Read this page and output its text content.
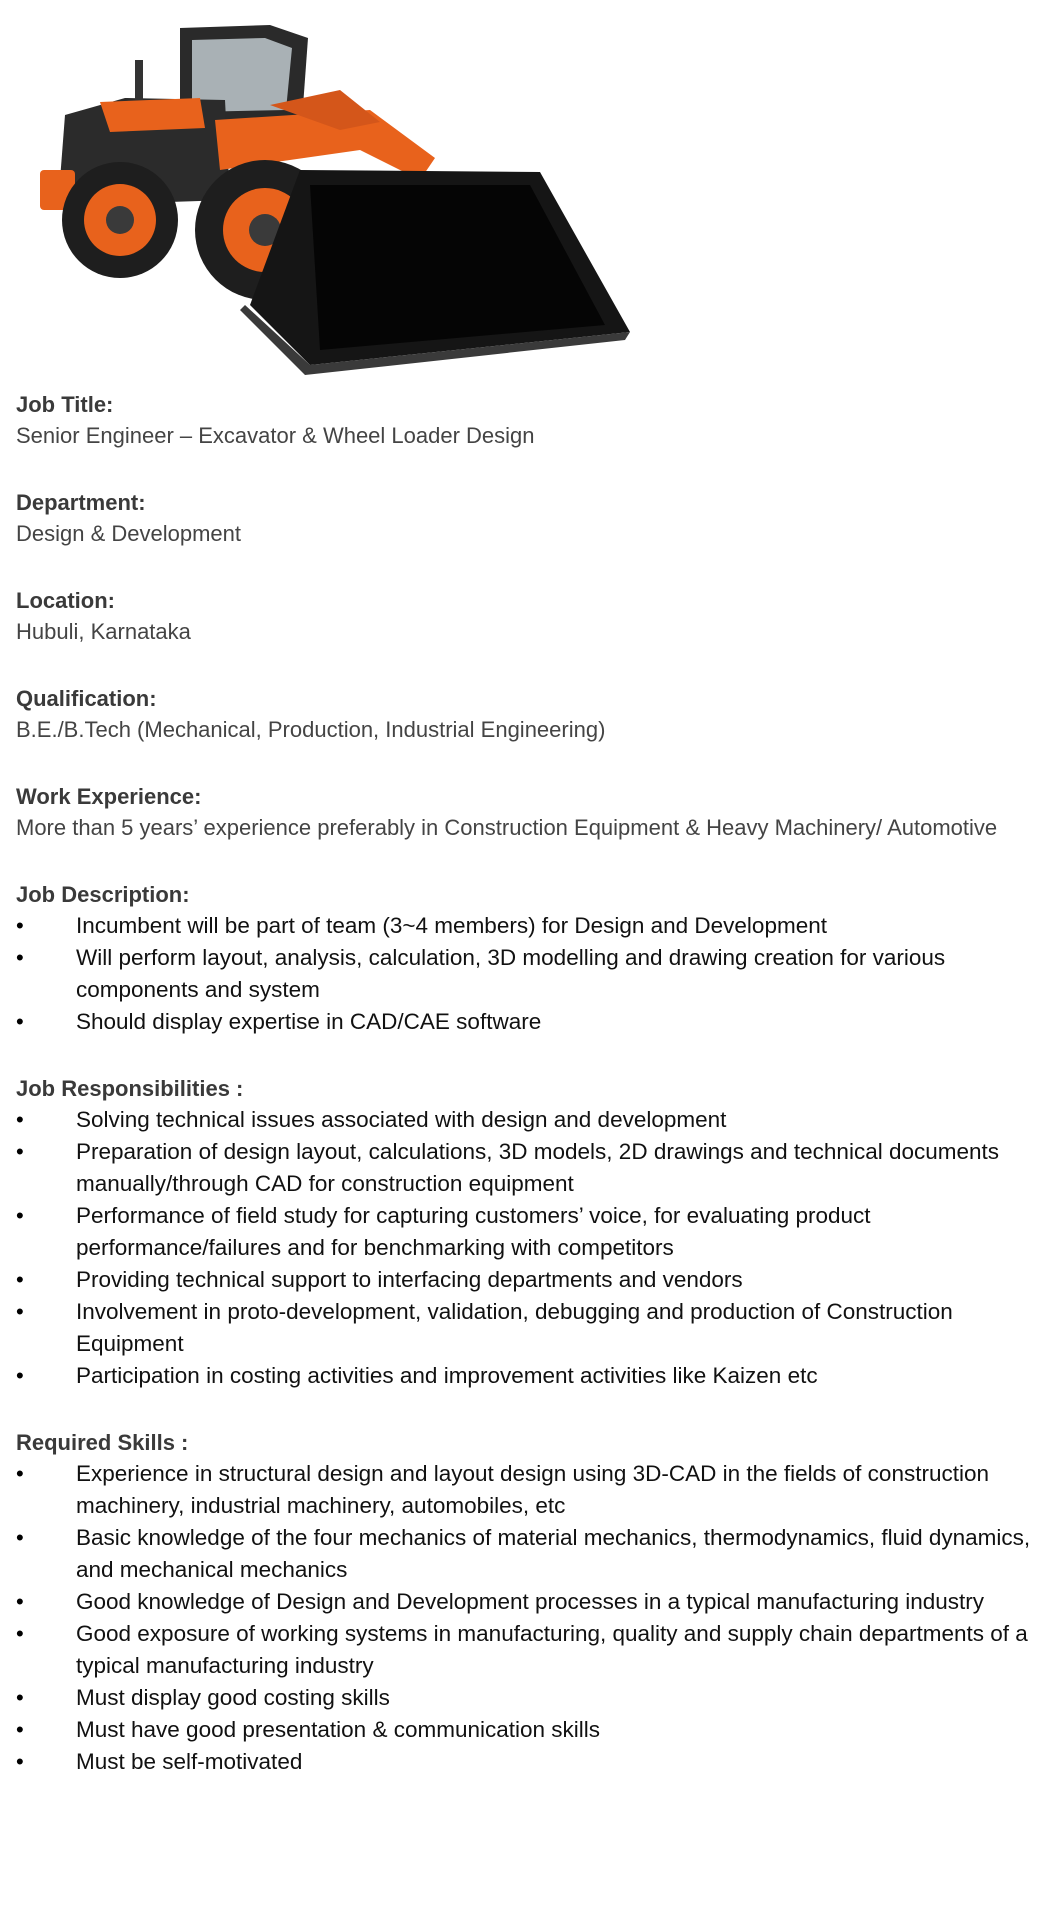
Job Title:
Senior Engineer – Excavator & Wheel Loader Design
Department:
Design & Development
Location:
Hubuli, Karnataka
Qualification:
B.E./B.Tech (Mechanical, Production, Industrial Engineering)
Work Experience:
More than 5 years’ experience preferably in Construction Equipment & Heavy Machinery/ Automotive
Job Description:
• Incumbent will be part of team (3~4 members) for Design and Development
• Will perform layout, analysis, calculation, 3D modelling and drawing creation for various components and system
• Should display expertise in CAD/CAE software
Job Responsibilities :
• Solving technical issues associated with design and development
• Preparation of design layout, calculations, 3D models, 2D drawings and technical documents manually/through CAD for construction equipment
• Performance of field study for capturing customers’ voice, for evaluating product performance/failures and for benchmarking with competitors
• Providing technical support to interfacing departments and vendors
• Involvement in proto-development, validation, debugging and production of Construction Equipment
• Participation in costing activities and improvement activities like Kaizen etc
Required Skills :
• Experience in structural design and layout design using 3D-CAD in the fields of construction machinery, industrial machinery, automobiles, etc
• Basic knowledge of the four mechanics of material mechanics, thermodynamics, fluid dynamics, and mechanical mechanics
• Good knowledge of Design and Development processes in a typical manufacturing industry
• Good exposure of working systems in manufacturing, quality and supply chain departments of a typical manufacturing industry
• Must display good costing skills
• Must have good presentation & communication skills
• Must be self-motivated
